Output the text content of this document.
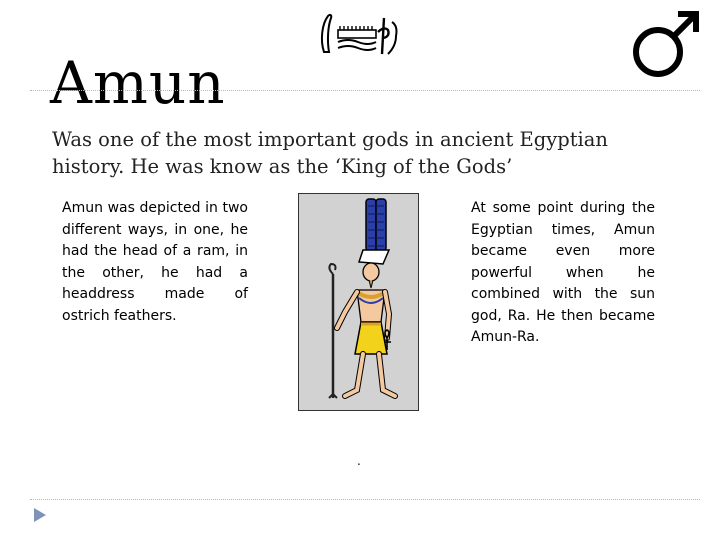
Amun
Was one of the most important gods in ancient Egyptian history. He was know as the ‘King of the Gods’
Amun was depicted in two different ways, in one, he had the head of a ram, in the other, he had a headdress made of ostrich feathers.
At some point during the Egyptian times, Amun became even more powerful when he combined with the sun god, Ra. He then became Amun-Ra.
.
